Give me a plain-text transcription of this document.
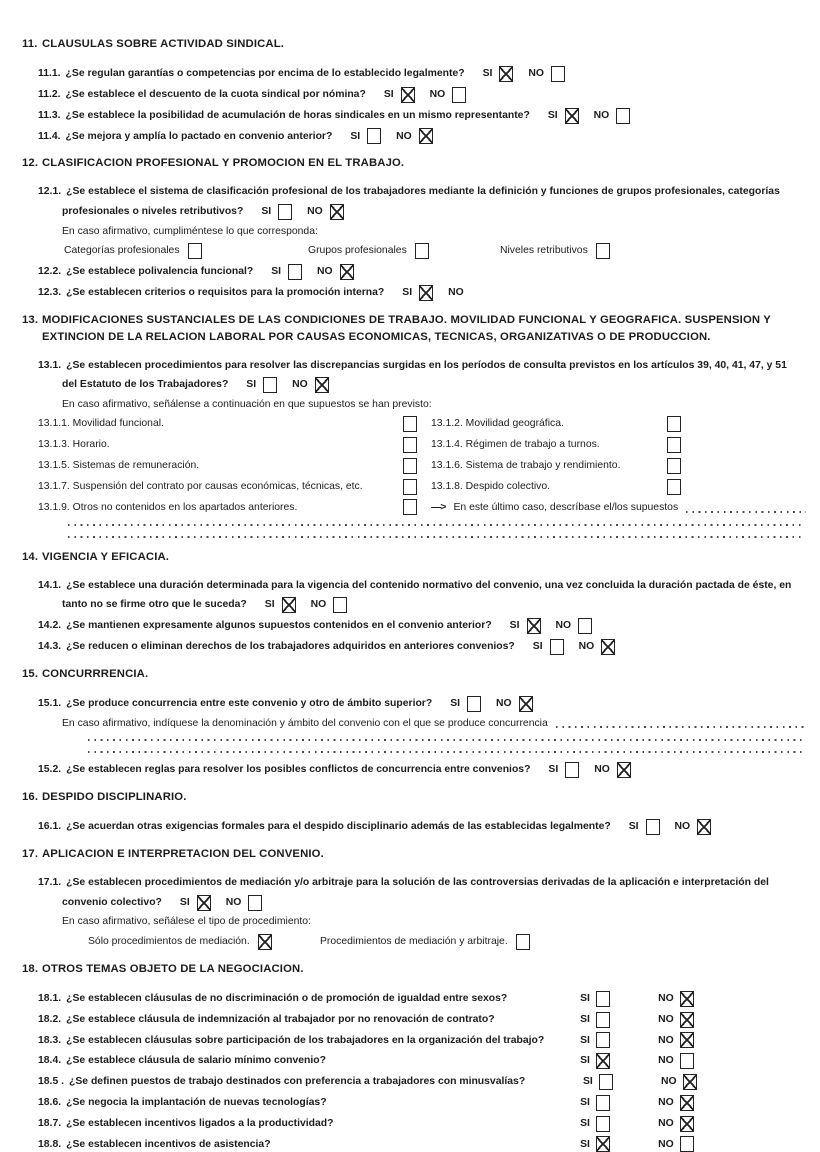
11. CLAUSULAS SOBRE ACTIVIDAD SINDICAL.
11.1. ¿Se regulan garantías o competencias por encima de lo establecido legalmente? SI	NO
11.2. ¿Se establece el descuento de la cuota sindical por nómina? SI	NO
11.3. ¿Se establece la posibilidad de acumulación de horas sindicales en un mismo representante? SI	NO
11.4. ¿Se mejora y amplía lo pactado en convenio anterior? SI	NO
12. CLASIFICACION PROFESIONAL Y PROMOCION EN EL TRABAJO.
12.1. ¿Se establece el sistema de clasificación profesional de los trabajadores mediante la definición y funciones de grupos profesionales, categorías
profesionales o niveles retributivos? SI	NO
En caso afirmativo, cumpliméntese lo que corresponda:
Categorías profesionales	Grupos profesionales	Niveles retributivos
12.2. ¿Se establece polivalencia funcional? SI	NO
12.3. ¿Se establecen criterios o requisitos para la promoción interna? SI	NO
13. MODIFICACIONES SUSTANCIALES DE LAS CONDICIONES DE TRABAJO. MOVILIDAD FUNCIONAL Y GEOGRAFICA. SUSPENSION Y
EXTINCION DE LA RELACION LABORAL POR CAUSAS ECONOMICAS, TECNICAS, ORGANIZATIVAS O DE PRODUCCION.
13.1. ¿Se establecen procedimientos para resolver las discrepancias surgidas en los períodos de consulta previstos en los artículos 39, 40, 41, 47, y 51
del Estatuto de los Trabajadores? SI	NO
En caso afirmativo, señálense a continuación en que supuestos se han previsto:
13.1.1. Movilidad funcional.	13.1.2. Movilidad geográfica.
13.1.3. Horario.	13.1.4. Régimen de trabajo a turnos.
13.1.5. Sistemas de remuneración.	13.1.6. Sistema de trabajo y rendimiento.
13.1.7. Suspensión del contrato por causas económicas, técnicas, etc.	13.1.8. Despido colectivo.
13.1.9. Otros no contenidos en los apartados anteriores.	—> En este último caso, descríbase el/los supuestos
14. VIGENCIA Y EFICACIA.
14.1. ¿Se establece una duración determinada para la vigencia del contenido normativo del convenio, una vez concluida la duración pactada de éste, en
tanto no se firme otro que le suceda? SI	NO
14.2. ¿Se mantienen expresamente algunos supuestos contenidos en el convenio anterior? SI	NO
14.3. ¿Se reducen o eliminan derechos de los trabajadores adquiridos en anteriores convenios? SI	NO
15. CONCURRRENCIA.
15.1. ¿Se produce concurrencia entre este convenio y otro de ámbito superior? SI	NO
En caso afirmativo, indíquese la denominación y ámbito del convenio con el que se produce concurrencia
15.2. ¿Se establecen reglas para resolver los posibles conflictos de concurrencia entre convenios? SI	NO
16. DESPIDO DISCIPLINARIO.
16.1. ¿Se acuerdan otras exigencias formales para el despido disciplinario además de las establecidas legalmente? SI	NO
17. APLICACION E INTERPRETACION DEL CONVENIO.
17.1. ¿Se establecen procedimientos de mediación y/o arbitraje para la solución de las controversias derivadas de la aplicación e interpretación del
convenio colectivo? SI	NO
En caso afirmativo, señálese el tipo de procedimiento:
Sólo procedimientos de mediación.	Procedimientos de mediación y arbitraje.
18. OTROS TEMAS OBJETO DE LA NEGOCIACION.
18.1. ¿Se establecen cláusulas de no discriminación o de promoción de igualdad entre sexos?	SI	NO
18.2. ¿Se establece cláusula de indemnización al trabajador por no renovación de contrato?	SI	NO
18.3. ¿Se establecen cláusulas sobre participación de los trabajadores en la organización del trabajo?	SI	NO
18.4. ¿Se establece cláusula de salario mínimo convenio?	SI	NO
18.5 . ¿Se definen puestos de trabajo destinados con preferencia a trabajadores con minusvalías?	SI	NO
18.6. ¿Se negocia la implantación de nuevas tecnologías?	SI	NO
18.7. ¿Se establecen incentivos ligados a la productividad?	SI	NO
18.8. ¿Se establecen incentivos de asistencia?	SI	NO
